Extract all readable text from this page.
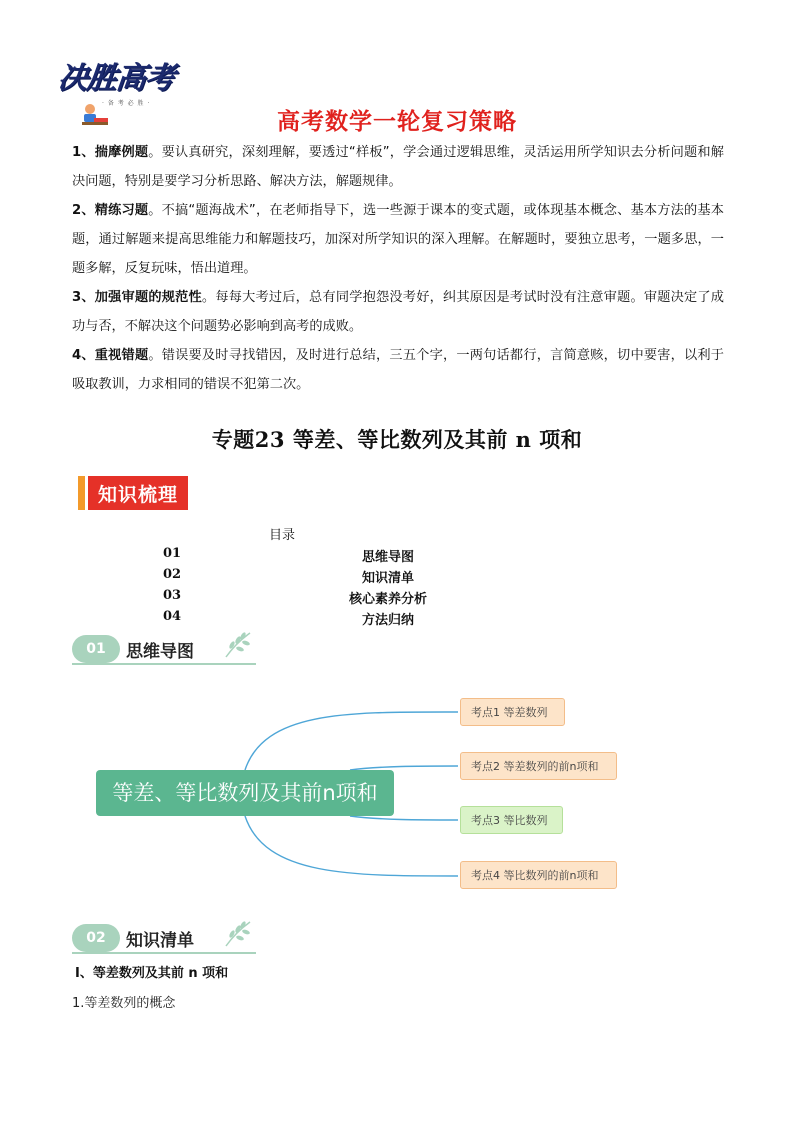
决胜高考
· 备 考 必 胜 ·
高考数学一轮复习策略
1、揣摩例题。要认真研究，深刻理解，要透过“样板”，学会通过逻辑思维，灵活运用所学知识去分析问题和解决问题，特别是要学习分析思路、解决方法，解题规律。
2、精练习题。不搞“题海战术”，在老师指导下，选一些源于课本的变式题，或体现基本概念、基本方法的基本题，通过解题来提高思维能力和解题技巧，加深对所学知识的深入理解。在解题时，要独立思考，一题多思，一题多解，反复玩味，悟出道理。
3、加强审题的规范性。每每大考过后，总有同学抱怨没考好，纠其原因是考试时没有注意审题。审题决定了成功与否，不解决这个问题势必影响到高考的成败。
4、重视错题。错误要及时寻找错因，及时进行总结，三五个字，一两句话都行，言简意赅，切中要害，以利于吸取教训，力求相同的错误不犯第二次。
专题23 等差、等比数列及其前 n 项和
知识梳理
目录
01	思维导图
02	知识清单
03	核心素养分析
04	方法归纳
01	思维导图
等差、等比数列及其前n项和
考点1 等差数列
考点2 等差数列的前n项和
考点3 等比数列
考点4 等比数列的前n项和
02	知识清单
Ⅰ、等差数列及其前 n 项和
1.等差数列的概念
